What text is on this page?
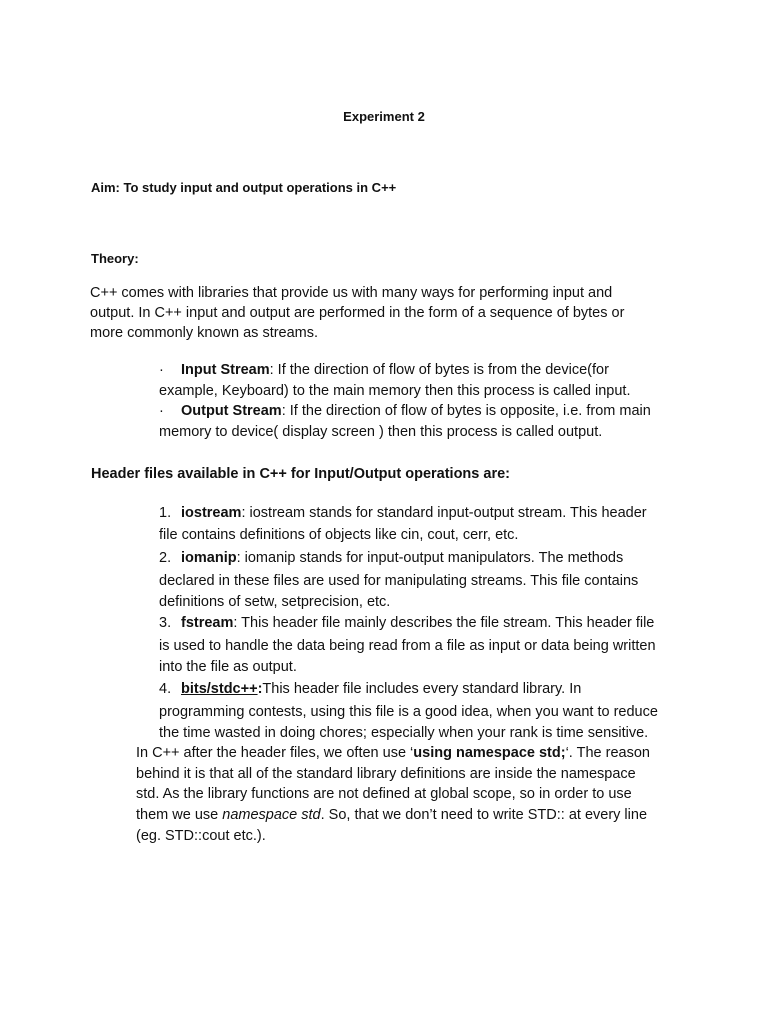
Experiment 2
Aim: To study input and output operations in C++
Theory:
C++ comes with libraries that provide us with many ways for performing input and
output. In C++ input and output are performed in the form of a sequence of bytes or
more commonly known as streams.
· Input Stream: If the direction of flow of bytes is from the device(for
example, Keyboard) to the main memory then this process is called input.
· Output Stream: If the direction of flow of bytes is opposite, i.e. from main
memory to device( display screen ) then this process is called output.
Header files available in C++ for Input/Output operations are:
1. iostream: iostream stands for standard input-output stream. This header
file contains definitions of objects like cin, cout, cerr, etc.
2. iomanip: iomanip stands for input-output manipulators. The methods
declared in these files are used for manipulating streams. This file contains
definitions of setw, setprecision, etc.
3. fstream: This header file mainly describes the file stream. This header file
is used to handle the data being read from a file as input or data being written
into the file as output.
4. bits/stdc++:This header file includes every standard library. In
programming contests, using this file is a good idea, when you want to reduce
the time wasted in doing chores; especially when your rank is time sensitive.
In C++ after the header files, we often use ‘using namespace std;‘. The reason
behind it is that all of the standard library definitions are inside the namespace
std. As the library functions are not defined at global scope, so in order to use
them we use namespace std. So, that we don’t need to write STD:: at every line
(eg. STD::cout etc.).
